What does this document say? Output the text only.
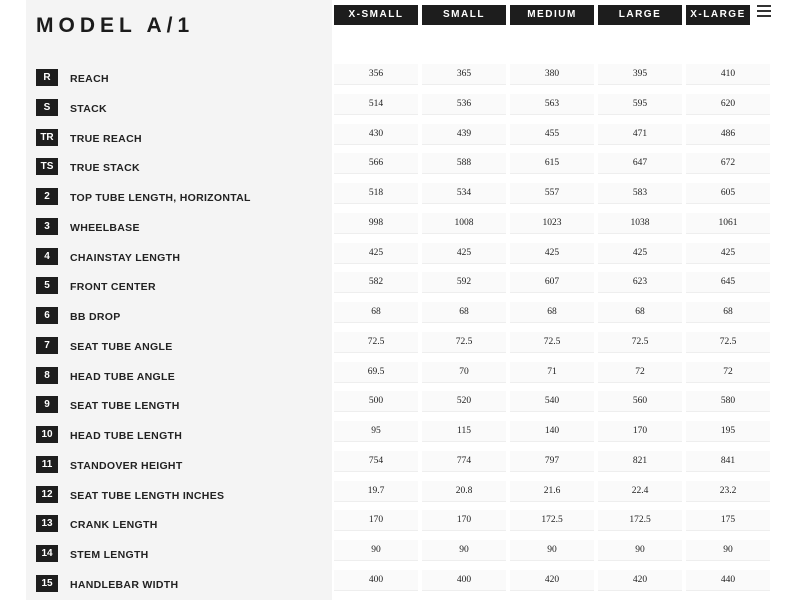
MODEL A/1	X-SMALL	SMALL	MEDIUM	LARGE	X-LARGE
R	REACH	356	365	380	395	410
S	STACK	514	536	563	595	620
TR	TRUE REACH	430	439	455	471	486
TS	TRUE STACK	566	588	615	647	672
2	TOP TUBE LENGTH, HORIZONTAL	518	534	557	583	605
3	WHEELBASE	998	1008	1023	1038	1061
4	CHAINSTAY LENGTH	425	425	425	425	425
5	FRONT CENTER	582	592	607	623	645
6	BB DROP	68	68	68	68	68
7	SEAT TUBE ANGLE	72.5	72.5	72.5	72.5	72.5
8	HEAD TUBE ANGLE	69.5	70	71	72	72
9	SEAT TUBE LENGTH	500	520	540	560	580
10	HEAD TUBE LENGTH	95	115	140	170	195
11	STANDOVER HEIGHT	754	774	797	821	841
12	SEAT TUBE LENGTH INCHES	19.7	20.8	21.6	22.4	23.2
13	CRANK LENGTH	170	170	172.5	172.5	175
14	STEM LENGTH	90	90	90	90	90
15	HANDLEBAR WIDTH	400	400	420	420	440
